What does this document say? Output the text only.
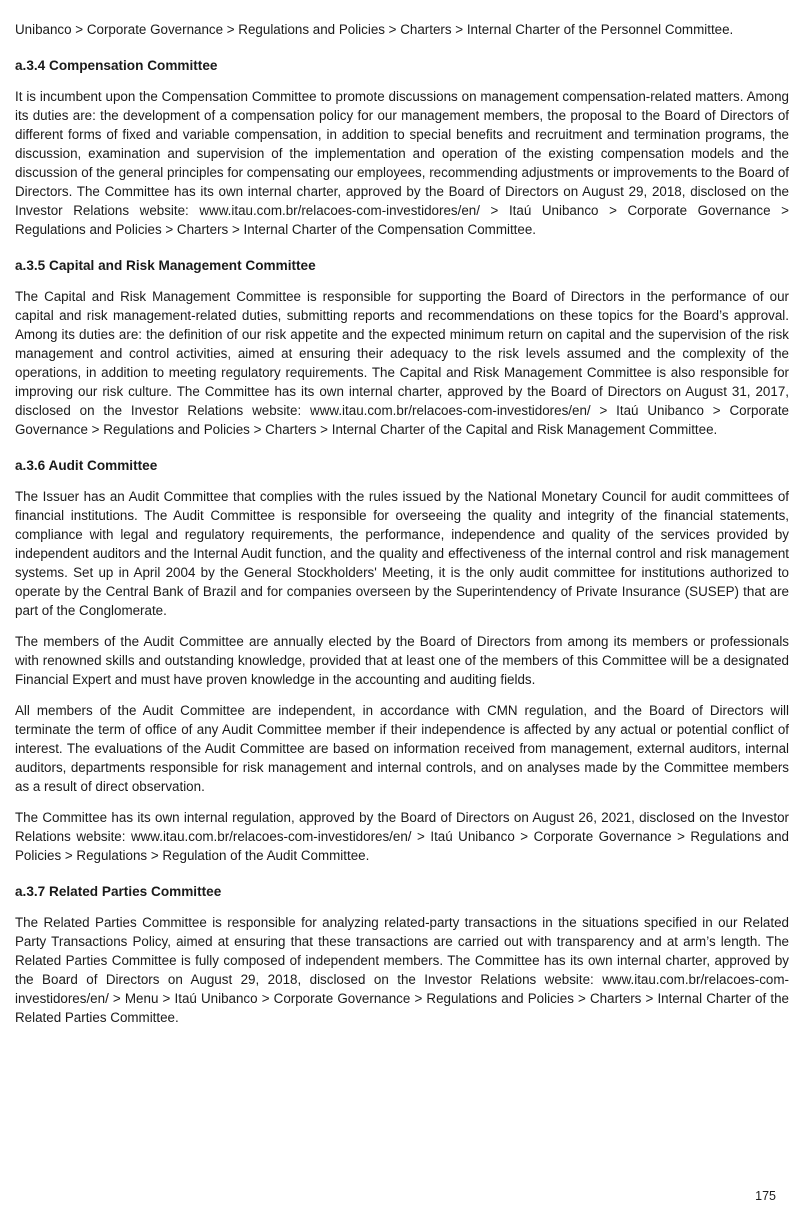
Unibanco > Corporate Governance > Regulations and Policies > Charters > Internal Charter of the Personnel Committee.

a.3.4 Compensation Committee

It is incumbent upon the Compensation Committee to promote discussions on management compensation-related matters. Among its duties are: the development of a compensation policy for our management members, the proposal to the Board of Directors of different forms of fixed and variable compensation, in addition to special benefits and recruitment and termination programs, the discussion, examination and supervision of the implementation and operation of the existing compensation models and the discussion of the general principles for compensating our employees, recommending adjustments or improvements to the Board of Directors. The Committee has its own internal charter, approved by the Board of Directors on August 29, 2018, disclosed on the Investor Relations website: www.itau.com.br/relacoes-com-investidores/en/ > Itaú Unibanco > Corporate Governance > Regulations and Policies > Charters > Internal Charter of the Compensation Committee.

a.3.5 Capital and Risk Management Committee

The Capital and Risk Management Committee is responsible for supporting the Board of Directors in the performance of our capital and risk management-related duties, submitting reports and recommendations on these topics for the Board’s approval. Among its duties are: the definition of our risk appetite and the expected minimum return on capital and the supervision of the risk management and control activities, aimed at ensuring their adequacy to the risk levels assumed and the complexity of the operations, in addition to meeting regulatory requirements. The Capital and Risk Management Committee is also responsible for improving our risk culture. The Committee has its own internal charter, approved by the Board of Directors on August 31, 2017, disclosed on the Investor Relations website: www.itau.com.br/relacoes-com-investidores/en/ > Itaú Unibanco > Corporate Governance > Regulations and Policies > Charters > Internal Charter of the Capital and Risk Management Committee.

a.3.6 Audit Committee

The Issuer has an Audit Committee that complies with the rules issued by the National Monetary Council for audit committees of financial institutions. The Audit Committee is responsible for overseeing the quality and integrity of the financial statements, compliance with legal and regulatory requirements, the performance, independence and quality of the services provided by independent auditors and the Internal Audit function, and the quality and effectiveness of the internal control and risk management systems. Set up in April 2004 by the General Stockholders' Meeting, it is the only audit committee for institutions authorized to operate by the Central Bank of Brazil and for companies overseen by the Superintendency of Private Insurance (SUSEP) that are part of the Conglomerate.

The members of the Audit Committee are annually elected by the Board of Directors from among its members or professionals with renowned skills and outstanding knowledge, provided that at least one of the members of this Committee will be a designated Financial Expert and must have proven knowledge in the accounting and auditing fields.

All members of the Audit Committee are independent, in accordance with CMN regulation, and the Board of Directors will terminate the term of office of any Audit Committee member if their independence is affected by any actual or potential conflict of interest. The evaluations of the Audit Committee are based on information received from management, external auditors, internal auditors, departments responsible for risk management and internal controls, and on analyses made by the Committee members as a result of direct observation.

The Committee has its own internal regulation, approved by the Board of Directors on August 26, 2021, disclosed on the Investor Relations website: www.itau.com.br/relacoes-com-investidores/en/ > Itaú Unibanco > Corporate Governance > Regulations and Policies > Regulations > Regulation of the Audit Committee.

a.3.7 Related Parties Committee

The Related Parties Committee is responsible for analyzing related-party transactions in the situations specified in our Related Party Transactions Policy, aimed at ensuring that these transactions are carried out with transparency and at arm’s length. The Related Parties Committee is fully composed of independent members. The Committee has its own internal charter, approved by the Board of Directors on August 29, 2018, disclosed on the Investor Relations website: www.itau.com.br/relacoes-com-investidores/en/ > Menu > Itaú Unibanco > Corporate Governance > Regulations and Policies > Charters > Internal Charter of the Related Parties Committee.

175
